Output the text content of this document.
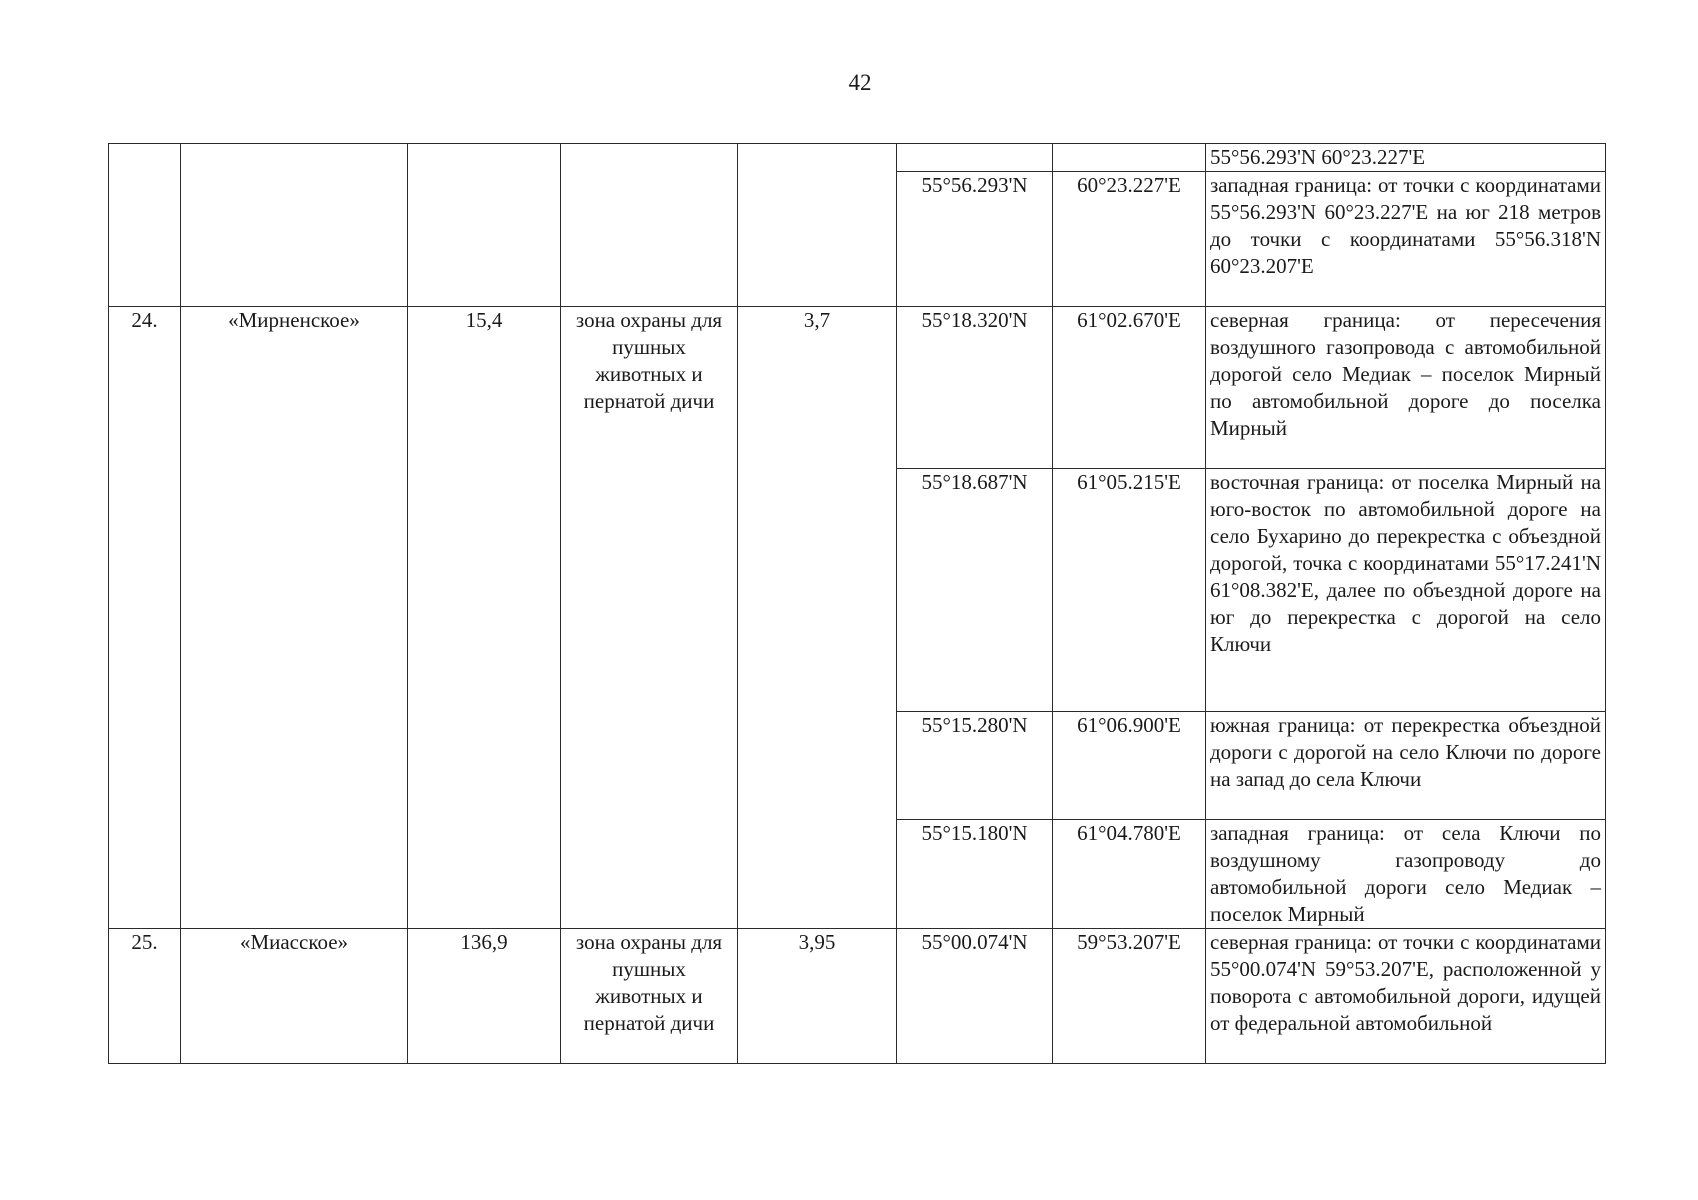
42
							55°56.293'N 60°23.227'E
					55°56.293'N	60°23.227'E	западная граница: от точки с координатами 55°56.293'N 60°23.227'E на юг 218 метров до точки с координатами 55°56.318'N 60°23.207'E
24.	«Мирненское»	15,4	зона охраны для пушных животных и пернатой дичи	3,7	55°18.320'N	61°02.670'E	северная граница: от пересечения воздушного газопровода с автомобильной дорогой село Медиак – поселок Мирный по автомобильной дороге до поселка Мирный
					55°18.687'N	61°05.215'E	восточная граница: от поселка Мирный на юго-восток по автомобильной дороге на село Бухарино до перекрестка с объездной дорогой, точка с координатами 55°17.241'N 61°08.382'E, далее по объездной дороге на юг до перекрестка с дорогой на село Ключи
					55°15.280'N	61°06.900'E	южная граница: от перекрестка объездной дороги с дорогой на село Ключи по дороге на запад до села Ключи
					55°15.180'N	61°04.780'E	западная граница: от села Ключи по воздушному газопроводу до автомобильной дороги село Медиак – поселок Мирный
25.	«Миасское»	136,9	зона охраны для пушных животных и пернатой дичи	3,95	55°00.074'N	59°53.207'E	северная граница: от точки с координатами 55°00.074'N 59°53.207'E, расположенной у поворота с автомобильной дороги, идущей от федеральной автомобильной
